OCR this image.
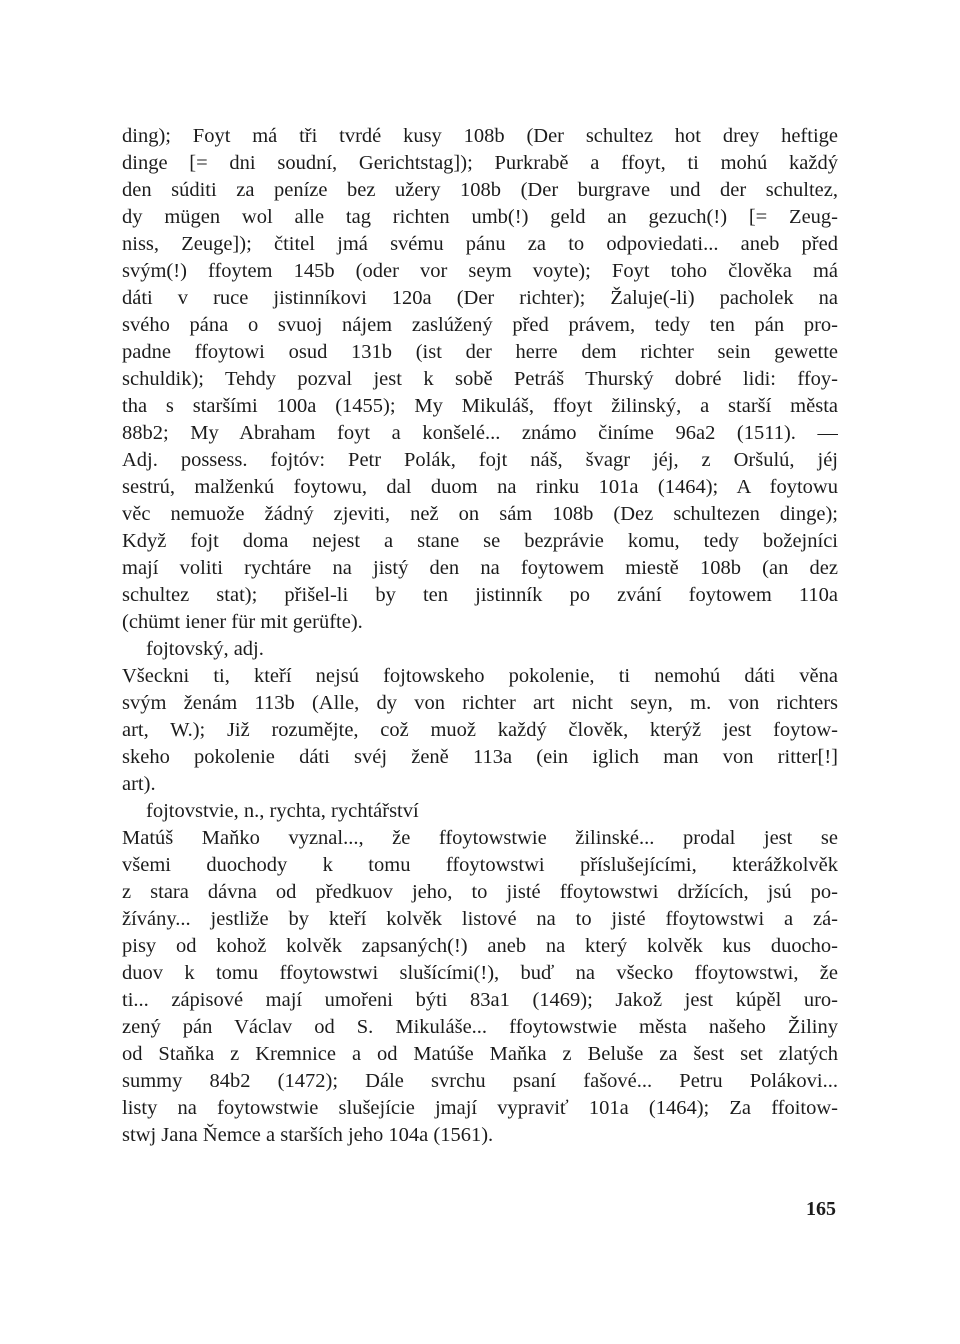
ding); Foyt má tři tvrdé kusy 108b (Der schultez hot drey heftige
dinge [= dni soudní, Gerichtstag]); Purkrabě a ffoyt, ti mohú každý
den súditi za peníze bez užery 108b (Der burgrave und der schultez,
dy mügen wol alle tag richten umb(!) geld an gezuch(!) [= Zeug-
niss, Zeuge]); čtitel jmá svému pánu za to odpoviedati... aneb před
svým(!) ffoytem 145b (oder vor seym voyte); Foyt toho člověka má
dáti v ruce jistinníkovi 120a (Der richter); Žaluje(-li) pacholek na
svého pána o svuoj nájem zaslúžený před právem, tedy ten pán pro-
padne ffoytowi osud 131b (ist der herre dem richter sein gewette
schuldik); Tehdy pozval jest k sobě Petráš Thurský dobré lidi: ffoy-
tha s staršími 100a (1455); My Mikuláš, ffoyt žilinský, a starší města
88b2; My Abraham foyt a konšelé... známo činíme 96a2 (1511). —
Adj. possess. fojtóv: Petr Polák, fojt náš, švagr jéj, z Oršulú, jéj
sestrú, malženkú foytowu, dal duom na rinku 101a (1464); A foytowu
věc nemuože žádný zjeviti, než on sám 108b (Dez schultezen dinge);
Když fojt doma nejest a stane se bezprávie komu, tedy božejníci
mají voliti rychtáre na jistý den na foytowem miestě 108b (an dez
schultez stat); přišel-li by ten jistinník po zvání foytowem 110a
(chümt iener für mit gerüfte).
fojtovský, adj.
Všeckni ti, kteří nejsú fojtowskeho pokolenie, ti nemohú dáti věna
svým ženám 113b (Alle, dy von richter art nicht seyn, m. von richters
art, W.); Již rozumějte, což muož každý člověk, kterýž jest foytow-
skeho pokolenie dáti svéj ženě 113a (ein iglich man von ritter[!]
art).
fojtovstvie, n., rychta, rychtářství
Matúš Maňko vyznal..., že ffoytowstwie žilinské... prodal jest se
všemi duochody k tomu ffoytowstwi příslušejícími, kterážkolvěk
z stara dávna od předkuov jeho, to jisté ffoytowstwi držících, jsú po-
žívány... jestliže by kteří kolvěk listové na to jisté ffoytowstwi a zá-
pisy od kohož kolvěk zapsaných(!) aneb na který kolvěk kus duocho-
duov k tomu ffoytowstwi slušícími(!), buď na všecko ffoytowstwi, že
ti... zápisové mají umořeni býti 83a1 (1469); Jakož jest kúpěl uro-
zený pán Václav od S. Mikuláše... ffoytowstwie města našeho Žiliny
od Staňka z Kremnice a od Matúše Maňka z Beluše za šest set zlatých
summy 84b2 (1472); Dále svrchu psaní fašové... Petru Polákovi...
listy na foytowstwie slušejície jmají vypraviť 101a (1464); Za ffoitow-
stwj Jana Ňemce a starších jeho 104a (1561).
165
